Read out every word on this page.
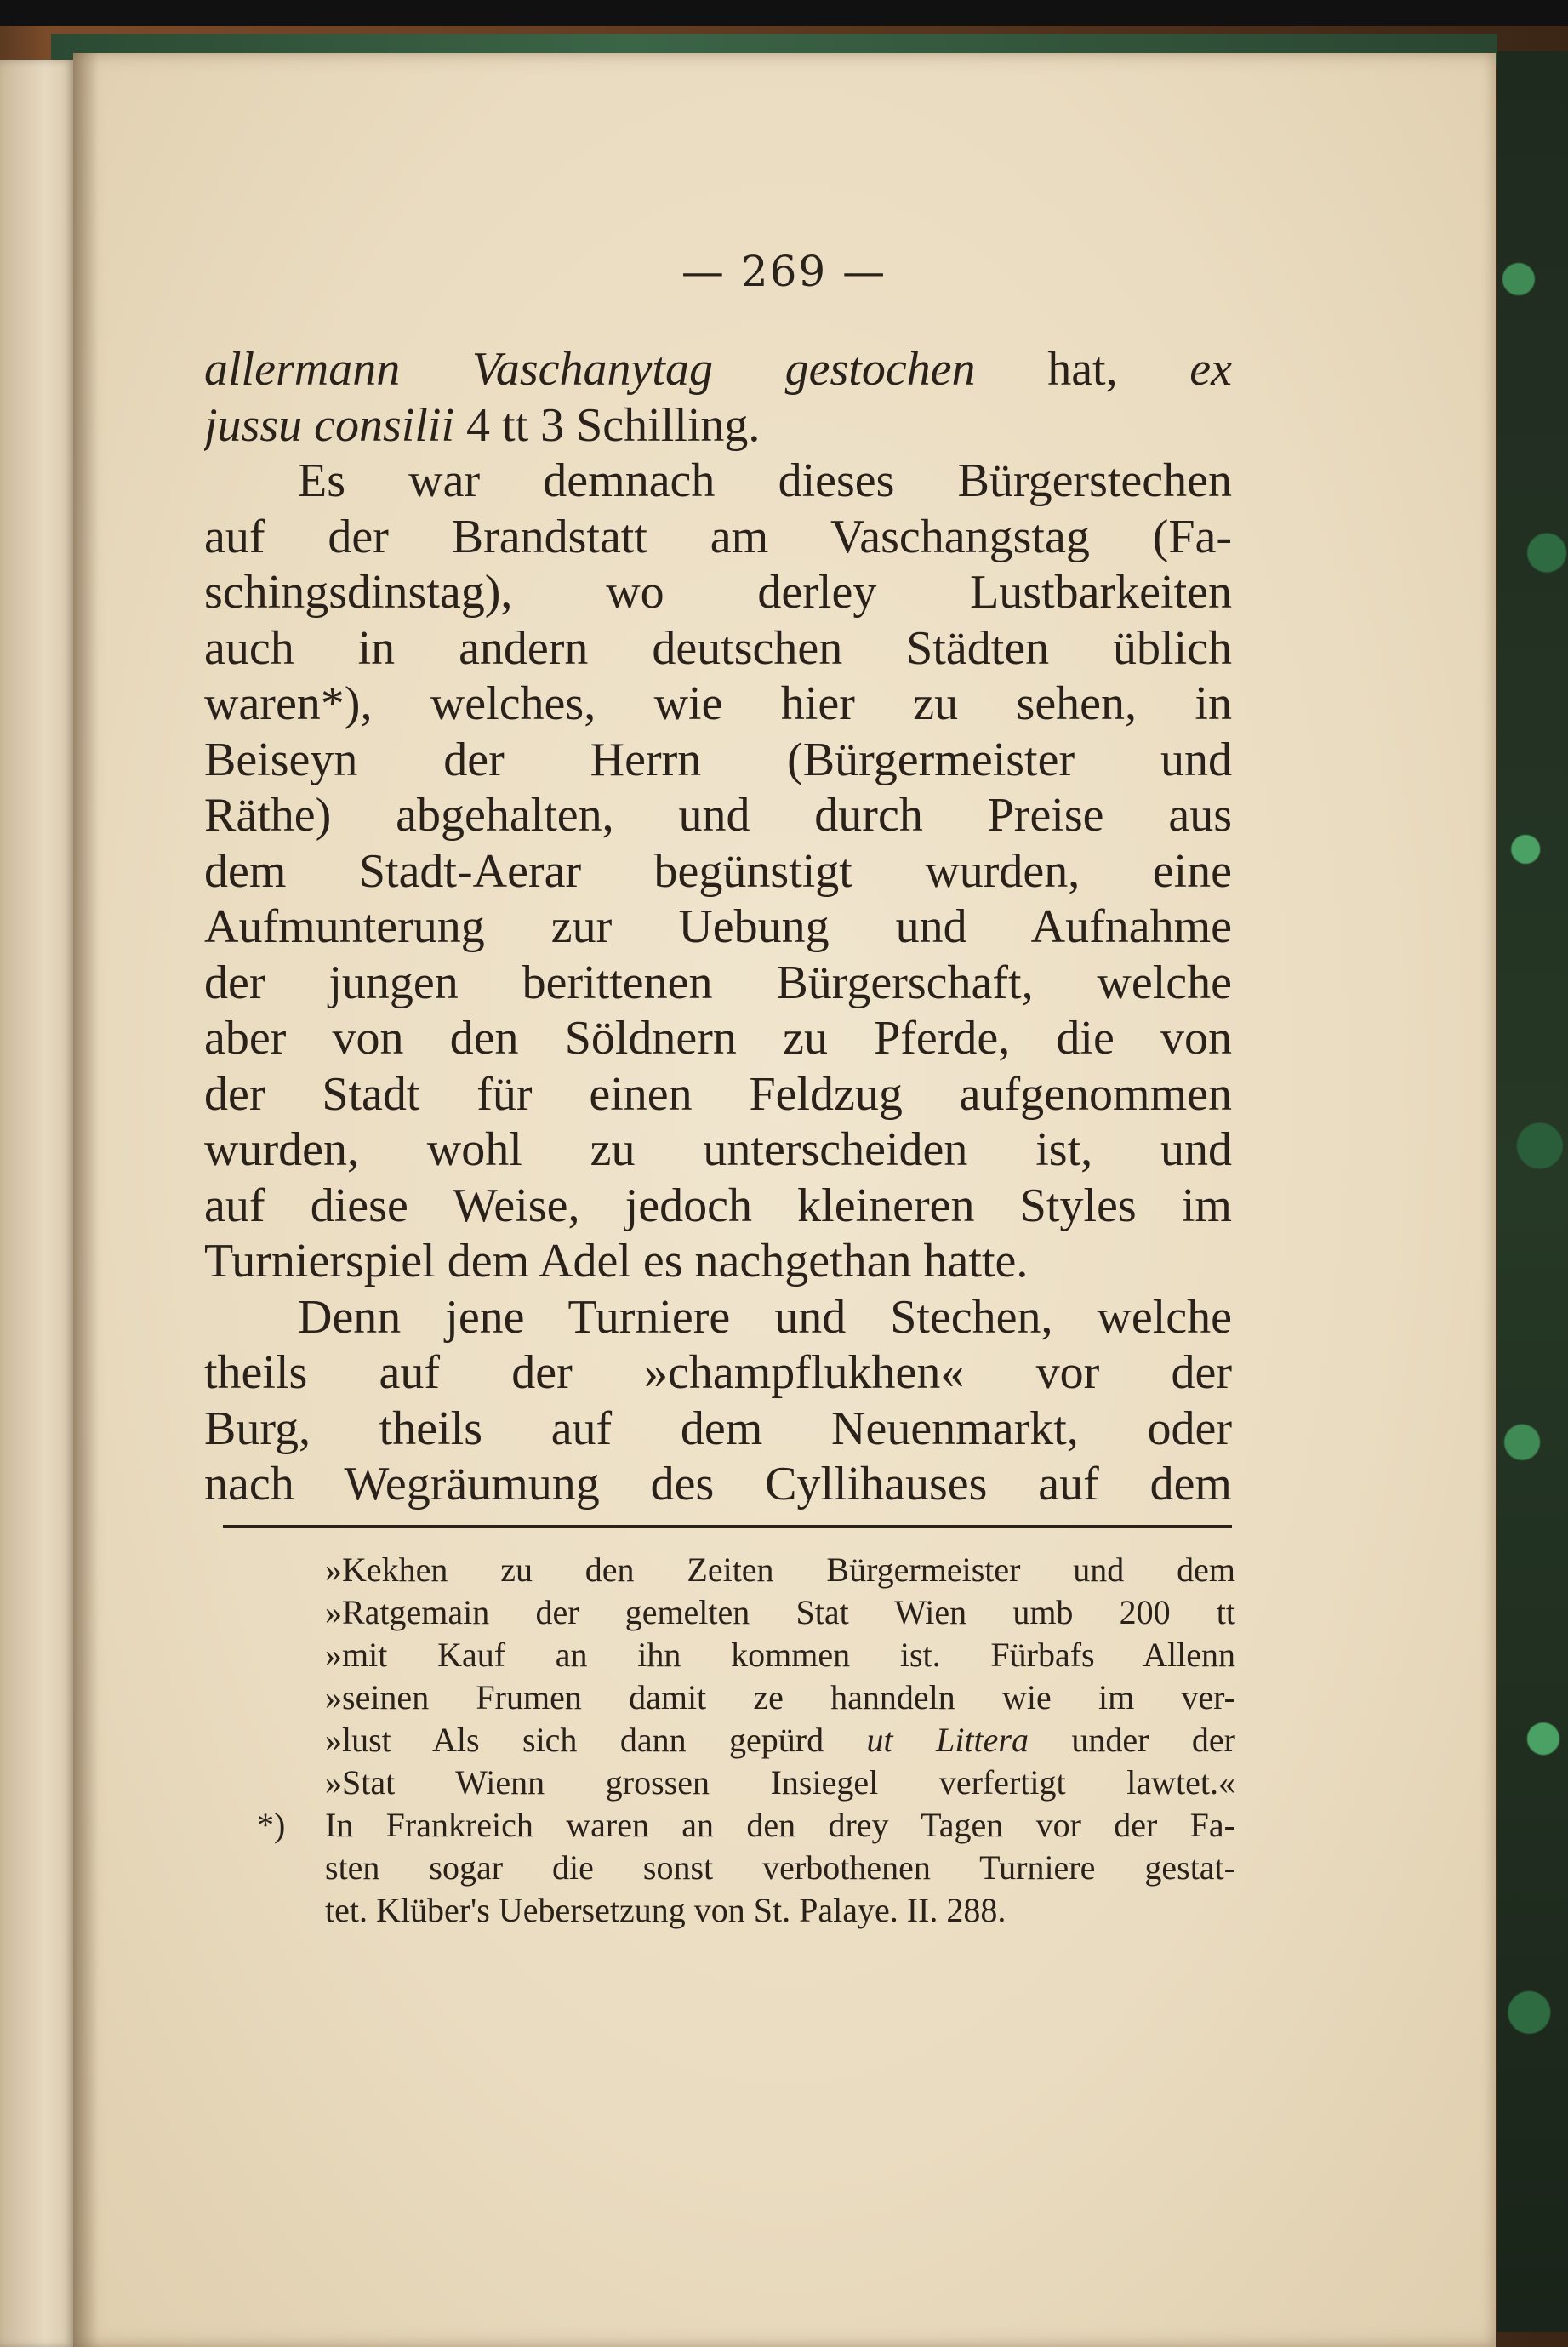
— 269 —
allermann Vaschanytag gestochen hat, ex
jussu consilii 4 tt 3 Schilling.
Es war demnach dieses Bürgerstechen
auf der Brandstatt am Vaschangstag (Fa-
schingsdinstag), wo derley Lustbarkeiten
auch in andern deutschen Städten üblich
waren*), welches, wie hier zu sehen, in
Beiseyn der Herrn (Bürgermeister und
Räthe) abgehalten, und durch Preise aus
dem Stadt-Aerar begünstigt wurden, eine
Aufmunterung zur Uebung und Aufnahme
der jungen berittenen Bürgerschaft, welche
aber von den Söldnern zu Pferde, die von
der Stadt für einen Feldzug aufgenommen
wurden, wohl zu unterscheiden ist, und
auf diese Weise, jedoch kleineren Styles im
Turnierspiel dem Adel es nachgethan hatte.
Denn jene Turniere und Stechen, welche
theils auf der »champflukhen« vor der
Burg, theils auf dem Neuenmarkt, oder
nach Wegräumung des Cyllihauses auf dem
»Kekhen zu den Zeiten Bürgermeister und dem
»Ratgemain der gemelten Stat Wien umb 200 tt
»mit Kauf an ihn kommen ist. Fürbafs Allenn
»seinen Frumen damit ze hanndeln wie im ver-
»lust Als sich dann gepürd ut Littera under der
»Stat Wienn grossen Insiegel verfertigt lawtet.«
*)	In Frankreich waren an den drey Tagen vor der Fa-
sten sogar die sonst verbothenen Turniere gestat-
tet. Klüber's Uebersetzung von St. Palaye. II. 288.
